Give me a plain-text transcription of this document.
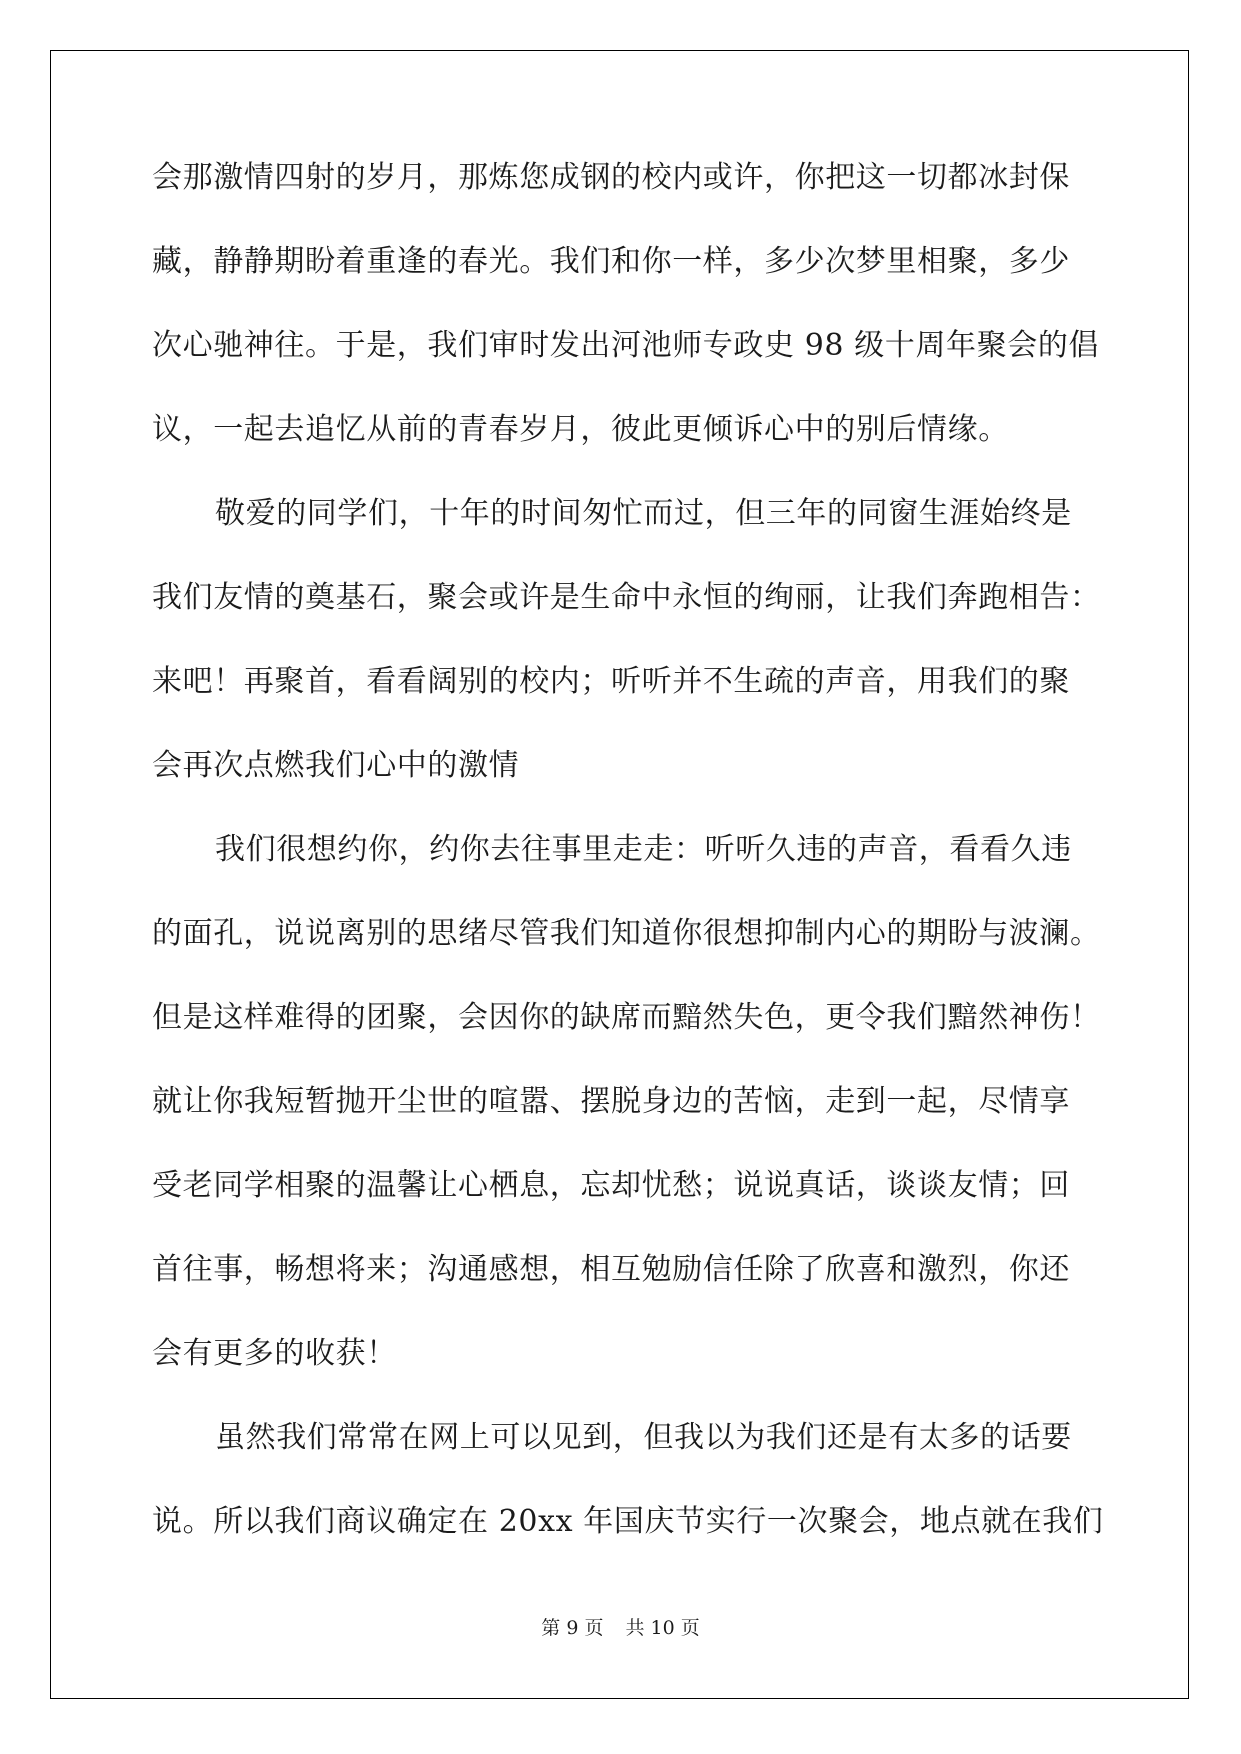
会那激情四射的岁月，那炼您成钢的校内或许，你把这一切都冰封保
藏，静静期盼着重逢的春光。我们和你一样，多少次梦里相聚，多少
次心驰神往。于是，我们审时发出河池师专政史 98 级十周年聚会的倡
议，一起去追忆从前的青春岁月，彼此更倾诉心中的别后情缘。
敬爱的同学们，十年的时间匆忙而过，但三年的同窗生涯始终是
我们友情的奠基石，聚会或许是生命中永恒的绚丽，让我们奔跑相告：
来吧！再聚首，看看阔别的校内；听听并不生疏的声音，用我们的聚
会再次点燃我们心中的激情
我们很想约你，约你去往事里走走：听听久违的声音，看看久违
的面孔，说说离别的思绪尽管我们知道你很想抑制内心的期盼与波澜。
但是这样难得的团聚，会因你的缺席而黯然失色，更令我们黯然神伤！
就让你我短暂抛开尘世的喧嚣、摆脱身边的苦恼，走到一起，尽情享
受老同学相聚的温馨让心栖息，忘却忧愁；说说真话，谈谈友情；回
首往事，畅想将来；沟通感想，相互勉励信任除了欣喜和激烈，你还
会有更多的收获！
虽然我们常常在网上可以见到，但我以为我们还是有太多的话要
说。所以我们商议确定在 20xx 年国庆节实行一次聚会，地点就在我们
第 9 页 共 10 页
